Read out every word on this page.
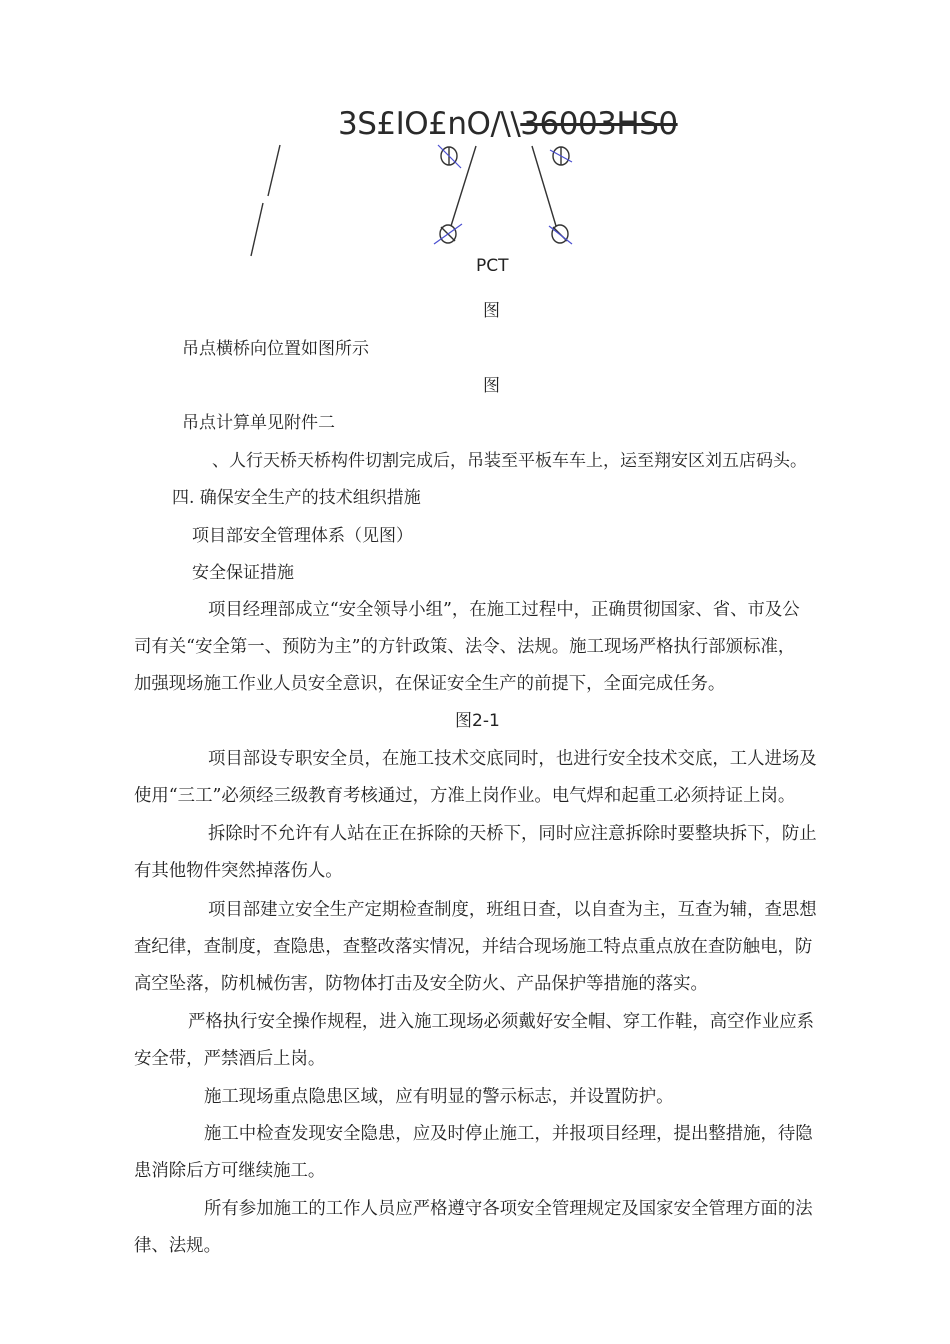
3S£IO£nO/\\36003HS0
PCT
图
吊点横桥向位置如图所示
图
吊点计算单见附件二
、人行天桥天桥构件切割完成后，吊装至平板车车上，运至翔安区刘五店码头。
四. 确保安全生产的技术组织措施
项目部安全管理体系（见图）
安全保证措施
项目经理部成立“安全领导小组”，在施工过程中，正确贯彻国家、省、市及公
司有关“安全第一、预防为主”的方针政策、法令、法规。施工现场严格执行部颁标准，
加强现场施工作业人员安全意识，在保证安全生产的前提下，全面完成任务。
图2-1
项目部设专职安全员，在施工技术交底同时，也进行安全技术交底，工人进场及
使用“三工”必须经三级教育考核通过，方准上岗作业。电气焊和起重工必须持证上岗。
拆除时不允许有人站在正在拆除的天桥下，同时应注意拆除时要整块拆下，防止
有其他物件突然掉落伤人。
项目部建立安全生产定期检查制度，班组日查，以自查为主，互查为辅，查思想
查纪律，查制度，查隐患，查整改落实情况，并结合现场施工特点重点放在查防触电，防
高空坠落，防机械伤害，防物体打击及安全防火、产品保护等措施的落实。
严格执行安全操作规程，进入施工现场必须戴好安全帽、穿工作鞋，高空作业应系
安全带，严禁酒后上岗。
施工现场重点隐患区域，应有明显的警示标志，并设置防护。
施工中检查发现安全隐患，应及时停止施工，并报项目经理，提出整措施，待隐
患消除后方可继续施工。
所有参加施工的工作人员应严格遵守各项安全管理规定及国家安全管理方面的法
律、法规。
